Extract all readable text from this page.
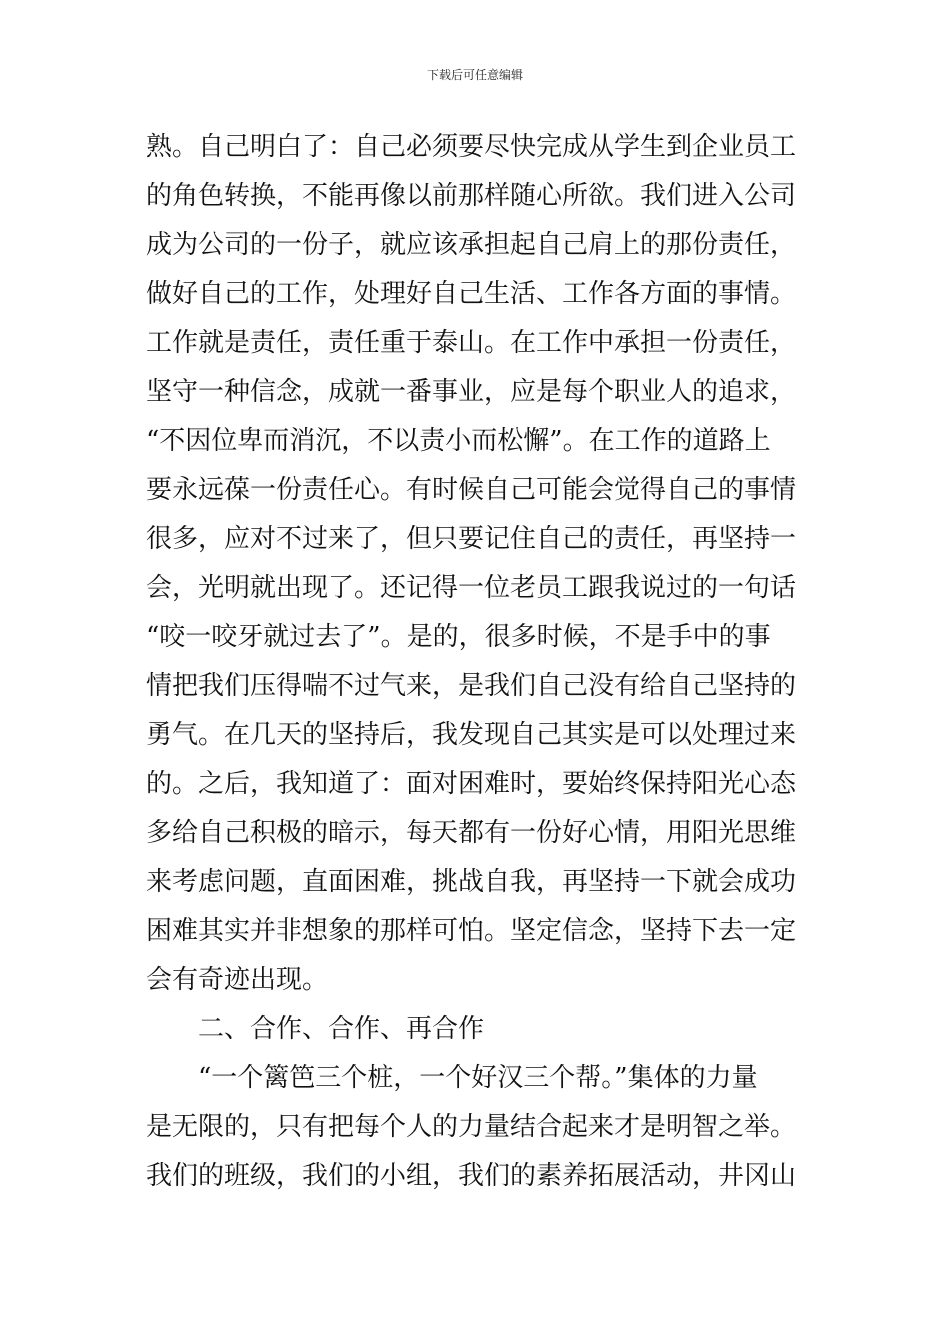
下载后可任意编辑
熟。自己明白了：自己必须要尽快完成从学生到企业员工
的角色转换，不能再像以前那样随心所欲。我们进入公司
成为公司的一份子，就应该承担起自己肩上的那份责任，
做好自己的工作，处理好自己生活、工作各方面的事情。
工作就是责任，责任重于泰山。在工作中承担一份责任，
坚守一种信念，成就一番事业，应是每个职业人的追求，
“不因位卑而消沉，不以责小而松懈”。在工作的道路上
要永远葆一份责任心。有时候自己可能会觉得自己的事情
很多，应对不过来了，但只要记住自己的责任，再坚持一
会，光明就出现了。还记得一位老员工跟我说过的一句话
“咬一咬牙就过去了”。是的，很多时候，不是手中的事
情把我们压得喘不过气来，是我们自己没有给自己坚持的
勇气。在几天的坚持后，我发现自己其实是可以处理过来
的。之后，我知道了：面对困难时，要始终保持阳光心态
多给自己积极的暗示，每天都有一份好心情，用阳光思维
来考虑问题，直面困难，挑战自我，再坚持一下就会成功
困难其实并非想象的那样可怕。坚定信念，坚持下去一定
会有奇迹出现。
二、合作、合作、再合作
“一个篱笆三个桩，一个好汉三个帮。”集体的力量
是无限的，只有把每个人的力量结合起来才是明智之举。
我们的班级，我们的小组，我们的素养拓展活动，井冈山
